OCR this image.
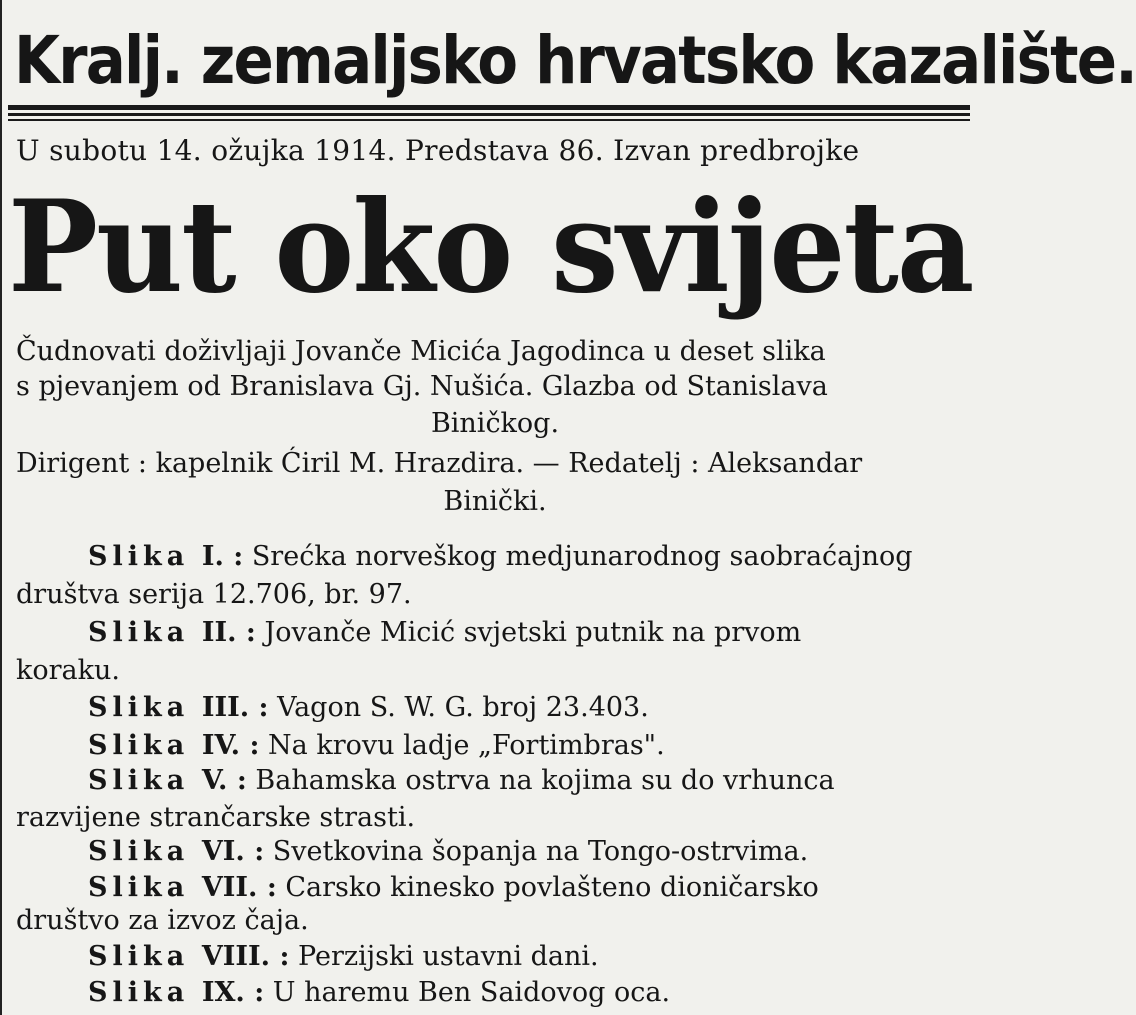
Kralj. zemaljsko hrvatsko kazalište.
U subotu 14. ožujka 1914. Predstava 86. Izvan predbrojke
Put oko svijeta
Čudnovati doživljaji Jovanče Micića Jagodinca u deset slika
s pjevanjem od Branislava Gj. Nušića. Glazba od Stanislava
Biničkog.
Dirigent : kapelnik Ćiril M. Hrazdira. — Redatelj : Aleksandar
Binički.
Slika I. : Srećka norveškog medjunarodnog saobraćajnog
društva serija 12.706, br. 97.
Slika II. : Jovanče Micić svjetski putnik na prvom
koraku.
Slika III. : Vagon S. W. G. broj 23.403.
Slika IV. : Na krovu ladje „Fortimbras".
Slika V. : Bahamska ostrva na kojima su do vrhunca
razvijene strančarske strasti.
Slika VI. : Svetkovina šopanja na Tongo-ostrvima.
Slika VII. : Carsko kinesko povlašteno dioničarsko
društvo za izvoz čaja.
Slika VIII. : Perzijski ustavni dani.
Slika IX. : U haremu Ben Saidovog oca.
